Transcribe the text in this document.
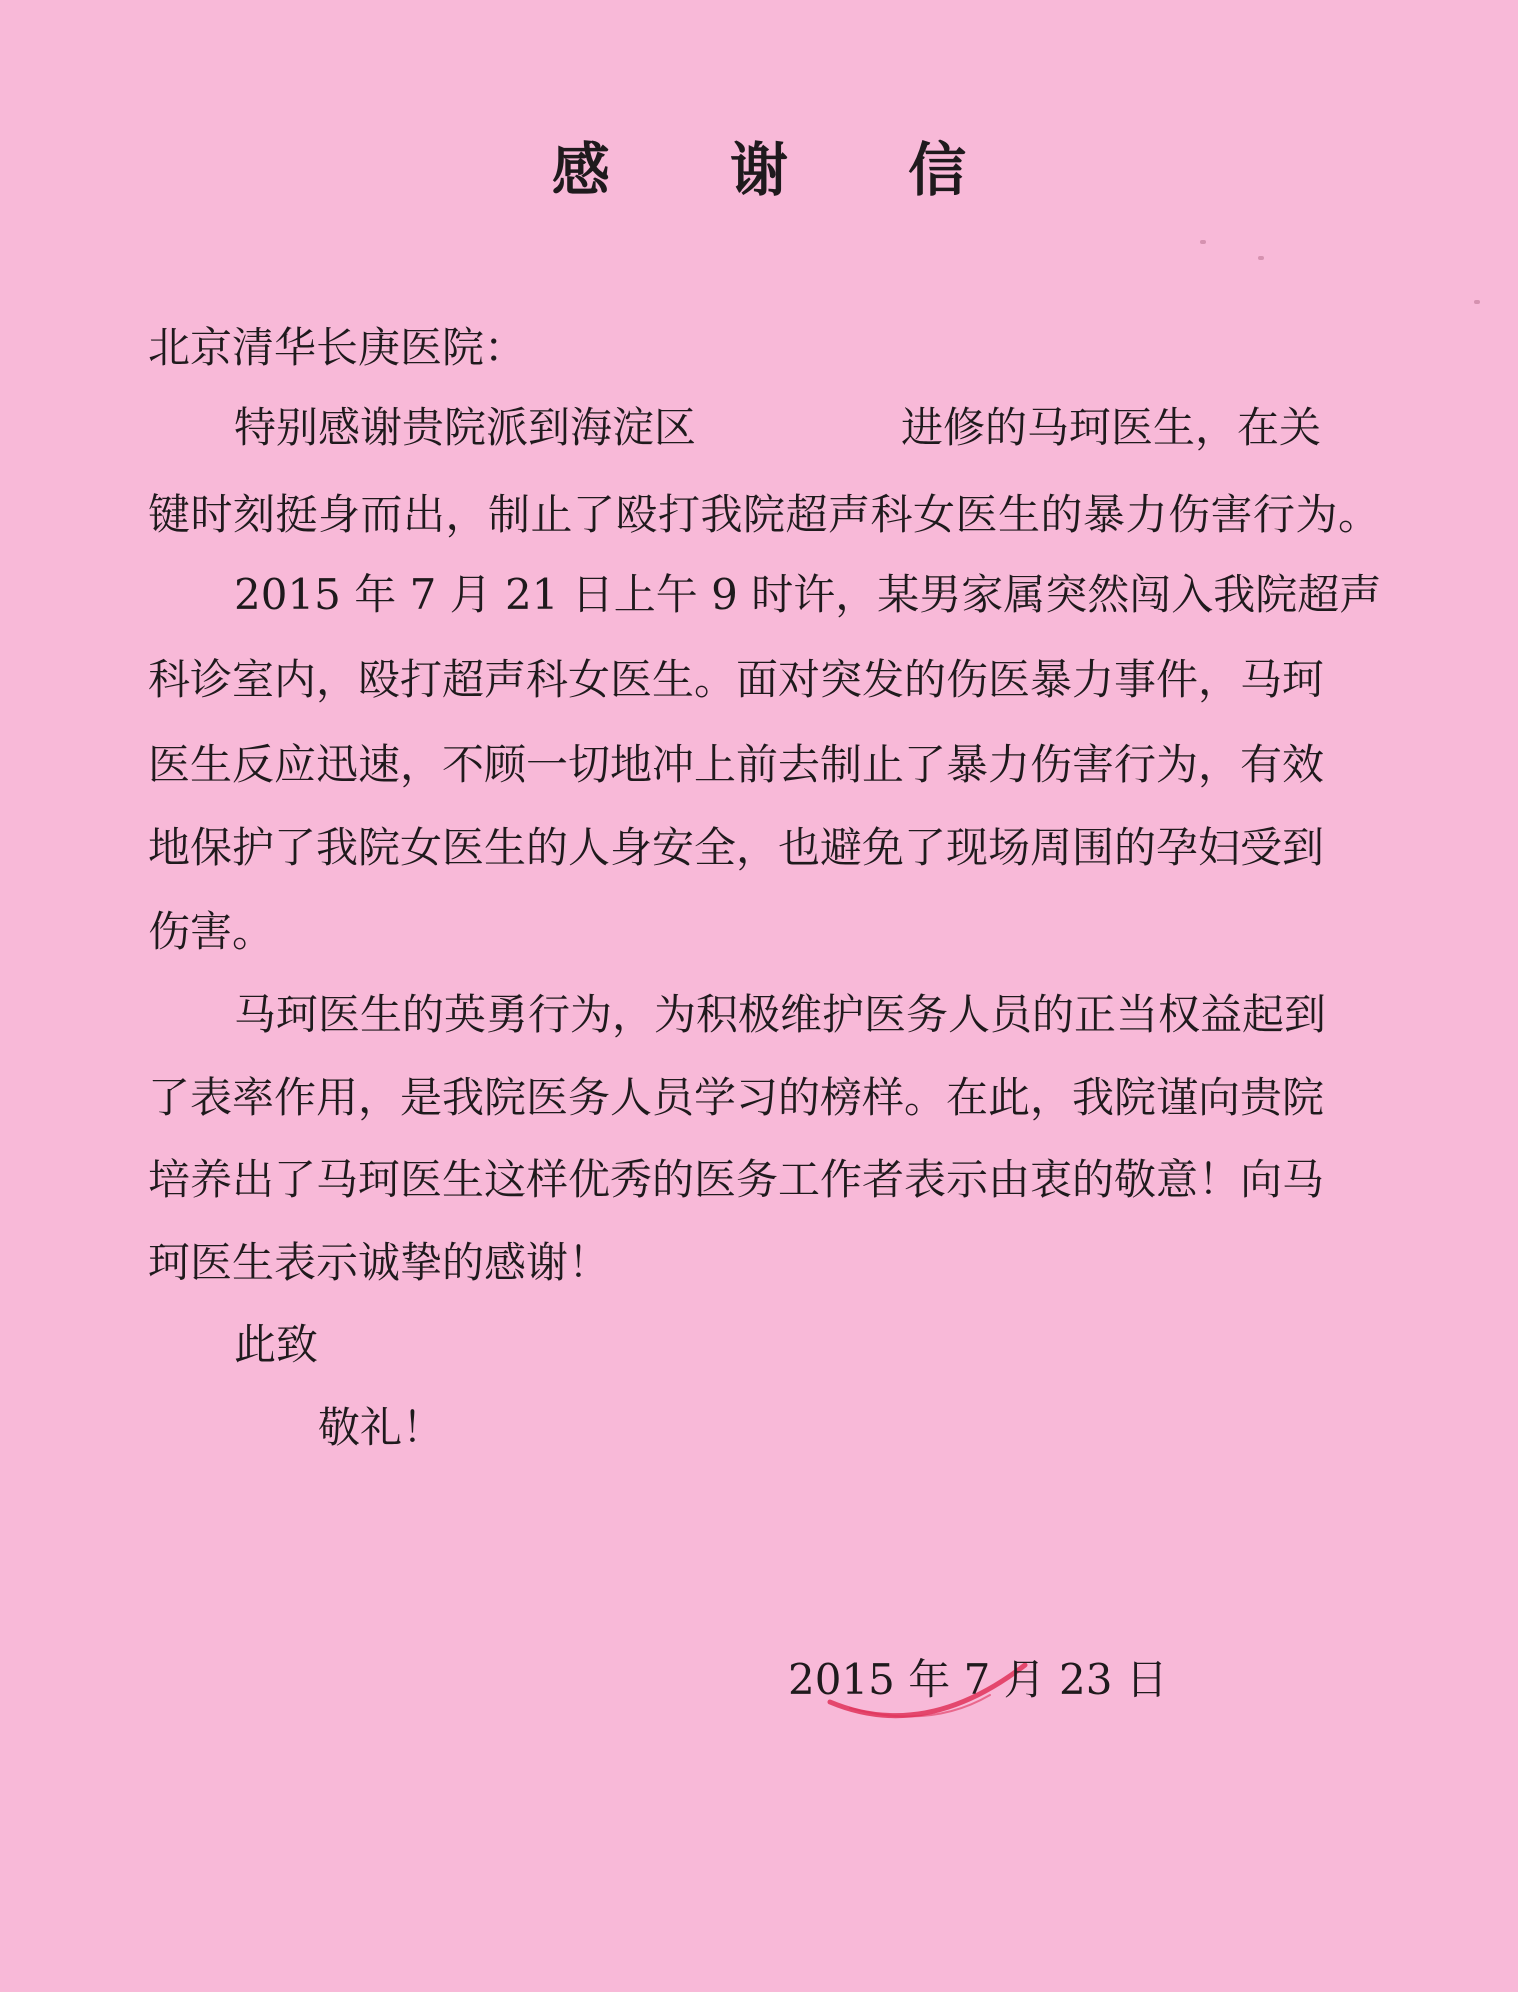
感 谢 信
北京清华长庚医院：
特别感谢贵院派到海淀区	进修的马珂医生，在关
键时刻挺身而出，制止了殴打我院超声科女医生的暴力伤害行为。
2015 年 7 月 21 日上午 9 时许，某男家属突然闯入我院超声
科诊室内，殴打超声科女医生。面对突发的伤医暴力事件，马珂
医生反应迅速，不顾一切地冲上前去制止了暴力伤害行为，有效
地保护了我院女医生的人身安全，也避免了现场周围的孕妇受到
伤害。
马珂医生的英勇行为，为积极维护医务人员的正当权益起到
了表率作用，是我院医务人员学习的榜样。在此，我院谨向贵院
培养出了马珂医生这样优秀的医务工作者表示由衷的敬意！向马
珂医生表示诚挚的感谢！
此致
敬礼！
2015 年 7 月 23 日
